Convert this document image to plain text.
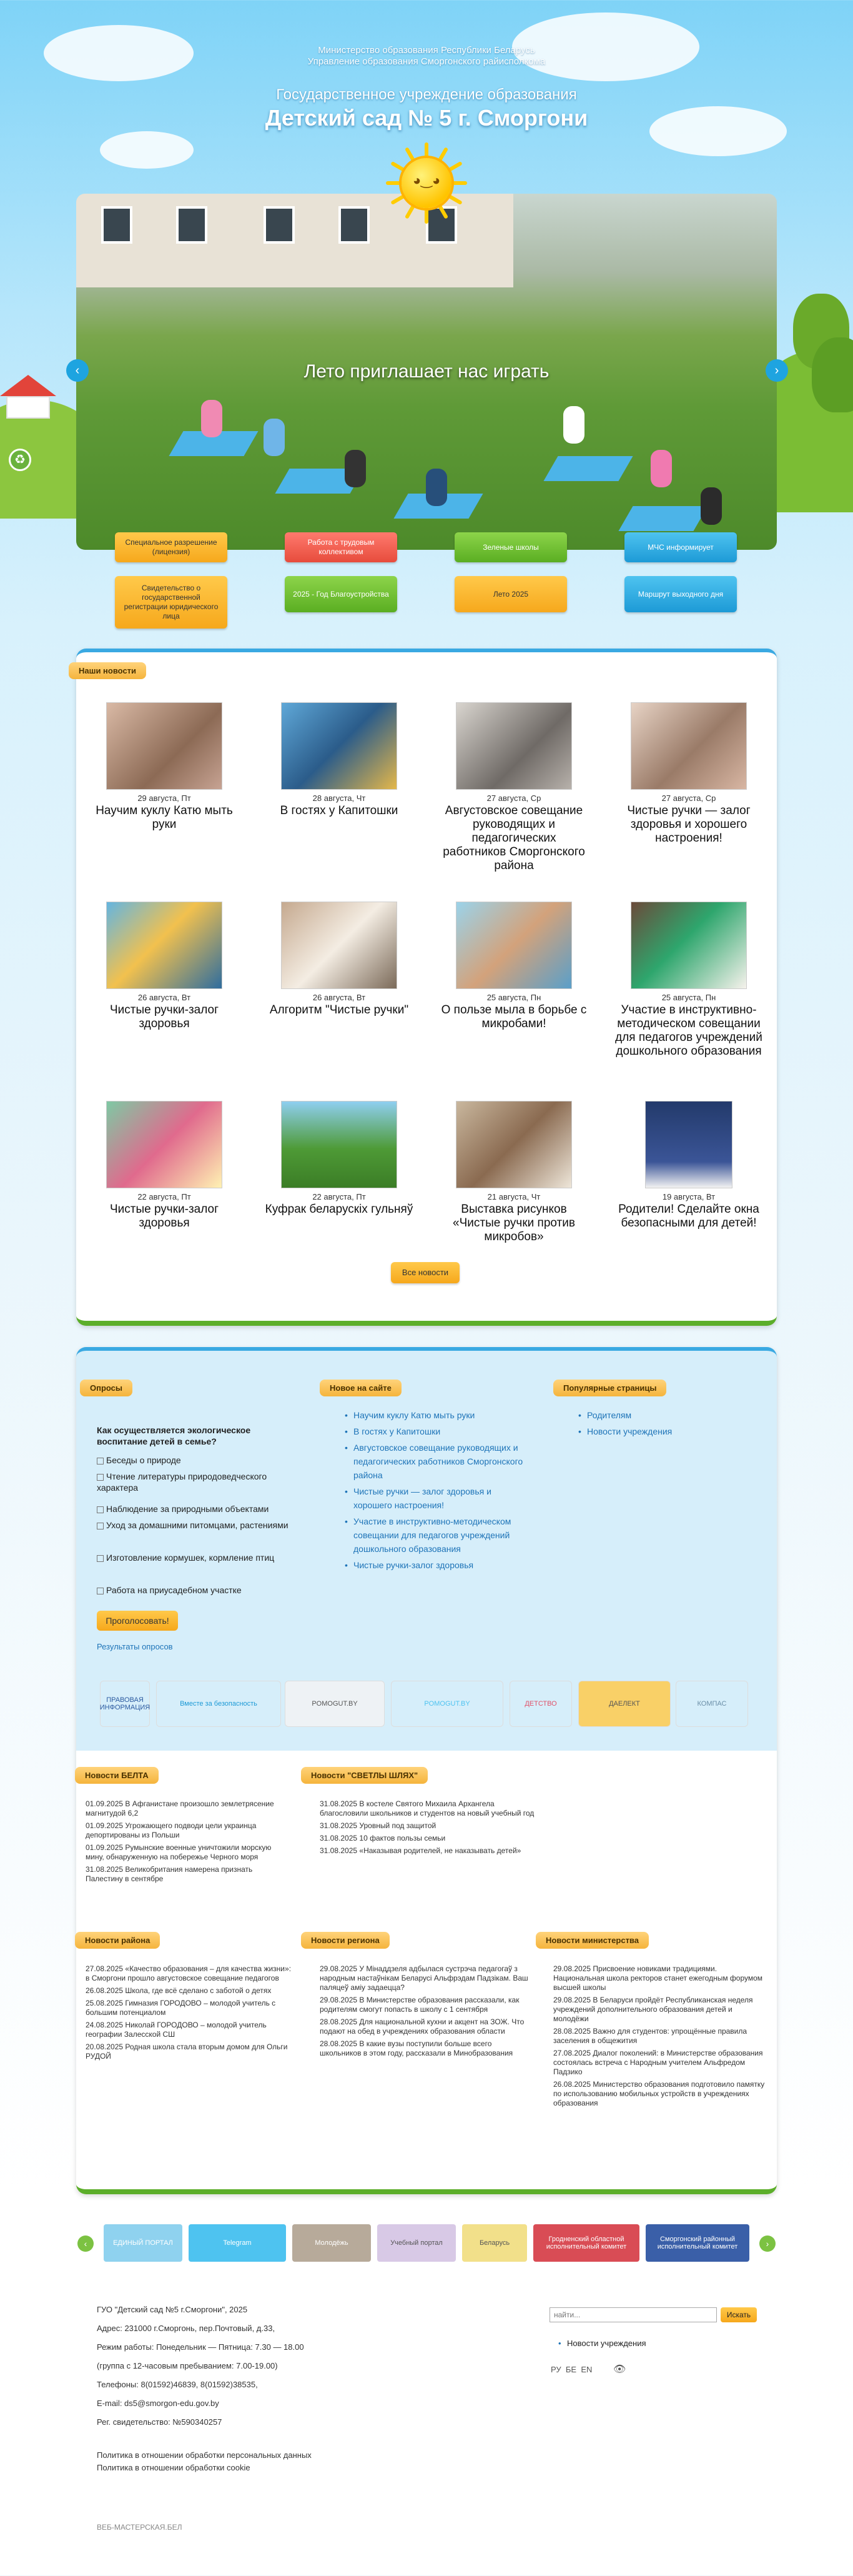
♻
Министерство образования Республики Беларусь
Управление образования Сморгонского райисполкома
Государственное учреждение образования
Детский сад № 5 г. Сморгони
Лето приглашает нас играть
‹	›
◕‿◕
Специальное разрешение (лицензия)
Работа с трудовым коллективом
Зеленые школы	МЧС информирует
Свидетельство о государственной регистрации юридического лица
2025 - Год Благоустройства	Лето 2025	Маршрут выходного дня
Наши новости
29 августа, Пт
Научим куклу Катю мыть руки
28 августа, Чт
В гостях у Капитошки
27 августа, Ср
Августовское совещание руководящих и педагогических работников Сморгонского района
27 августа, Ср
Чистые ручки — залог здоровья и хорошего настроения!
26 августа, Вт
Чистые ручки-залог здоровья
26 августа, Вт
Алгоритм "Чистые ручки"
25 августа, Пн
О пользе мыла в борьбе с микробами!
25 августа, Пн
Участие в инструктивно-методическом совещании для педагогов учреждений дошкольного образования
22 августа, Пт
Чистые ручки-залог здоровья
22 августа, Пт
Куфрак беларускіх гульняў
21 августа, Чт
Выставка рисунков «Чистые ручки против микробов»
19 августа, Вт
Родители! Сделайте окна безопасными для детей!
Все новости
Опросы	Новое на сайте	Популярные страницы
Как осуществляется экологическое воспитание детей в семье?
Беседы о природе
Чтение литературы природоведческого характера
Наблюдение за природными объектами
Уход за домашними питомцами, растениями
Изготовление кормушек, кормление птиц
Работа на приусадебном участке
Проголосовать!
Результаты опросов
• Научим куклу Катю мыть руки
• В гостях у Капитошки
• Августовское совещание руководящих и педагогических работников Сморгонского района
• Чистые ручки — залог здоровья и хорошего настроения!
• Участие в инструктивно-методическом совещании для педагогов учреждений дошкольного образования
• Чистые ручки-залог здоровья
• Родителям
• Новости учреждения
ПРАВОВАЯ ИНФОРМАЦИЯ	Вместе за безопасность	POMOGUT.BY	POMOGUT.BY	ДЕТСТВО	ДАЕЛЕКТ	КОМПАС
Новости БЕЛТА	Новости "СВЕТЛЫ ШЛЯХ"

01.09.2025 В Афганистане произошло землетрясение магнитудой 6,2

01.09.2025 Угрожающего подводи цели украинца депортированы из Польши

01.09.2025 Румынские военные уничтожили морскую мину, обнаруженную на побережье Черного моря

31.08.2025 Великобритания намерена признать Палестину в сентябре

31.08.2025 В костеле Святого Михаила Архангела благословили школьников и студентов на новый учебный год

31.08.2025 Уровный под защитой

31.08.2025 10 фактов пользы семьи

31.08.2025 «Наказывая родителей, не наказывать детей»

Новости района	Новости региона	Новости министерства

27.08.2025 «Качество образования – для качества жизни»: в Сморгони прошло августовское совещание педагогов

26.08.2025 Школа, где всё сделано с заботой о детях

25.08.2025 Гимназия ГОРОДОВО – молодой учитель с большим потенциалом

24.08.2025 Николай ГОРОДОВО – молодой учитель географии Залесской СШ

20.08.2025 Родная школа стала вторым домом для Ольги РУДОЙ

29.08.2025 У Мінаддзеля адбылася сустрэча педагогаў з народным настаўнікам Беларусі Альфрэдам Падзікам. Ваш паляцеў аміу задаецца?

29.08.2025 В Министерстве образования рассказали, как родителям смогут попасть в школу с 1 сентября

28.08.2025 Для национальной кухни и акцент на ЗОЖ. Что подают на обед в учреждениях образования области

28.08.2025 В какие вузы поступили больше всего школьников в этом году, рассказали в Минобразования

29.08.2025 Присвоение новиками традициями. Национальная школа ректоров станет ежегодным форумом высшей школы

29.08.2025 В Беларуси пройдёт Республиканская неделя учреждений дополнительного образования детей и молодёжи

28.08.2025 Важно для студентов: упрощённые правила заселения в общежития

27.08.2025 Диалог поколений: в Министерстве образования состоялась встреча с Народным учителем Альфредом Падзико

26.08.2025 Министерство образования подготовило памятку по использованию мобильных устройств в учреждениях образования

‹	›
ЕДИНЫЙ ПОРТАЛ	Telegram	Молодёжь	Учебный портал	Беларусь	Гродненский областной исполнительный комитет
Сморгонский районный исполнительный комитет
ГУО "Детский сад №5 г.Сморгони", 2025
Адрес: 231000 г.Сморгонь, пер.Почтовый, д.33,
Режим работы: Понедельник — Пятница: 7.30 — 18.00
(группа с 12-часовым пребыванием: 7.00-19.00)
Телефоны: 8(01592)46839, 8(01592)38535,
E-mail: ds5@smorgon-edu.gov.by
Рег. свидетельство: №590340257
Политика в отношении обработки персональных данных
Политика в отношении обработки cookie
ВЕБ-МАСТЕРСКАЯ.БЕЛ
найти...
Искать
• Новости учреждения
РУ БЕ EN 👁
